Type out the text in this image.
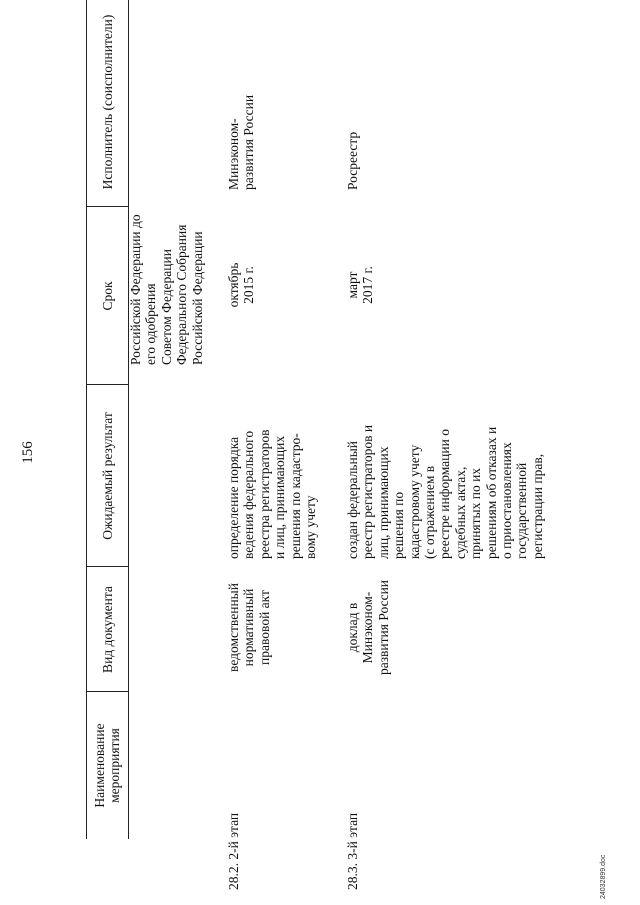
156
Наименование мероприятия
Вид документа
Ожидаемый результат
Срок
Исполнитель (соисполнители)
Российской Федерации до
его одобрения
Советом Федерации
Федерального Собрания
Российской Федерации
28.2. 2-й этап
ведомственный
нормативный
правовой акт
определение порядка
ведения федерального
реестра регистраторов
и лиц, принимающих
решения по кадастро-
вому учету
октябрь
2015 г.
Минэконом-
развития России
28.3. 3-й этап
доклад в
Минэконом-
развития России
создан федеральный
реестр регистраторов и
лиц, принимающих
решения по
кадастровому учету
(с отражением в
реестре информации о
судебных актах,
принятых по их
решениям об отказах и
о приостановлениях
государственной
регистрации прав,
март
2017 г.
Росреестр
24032899.doc
